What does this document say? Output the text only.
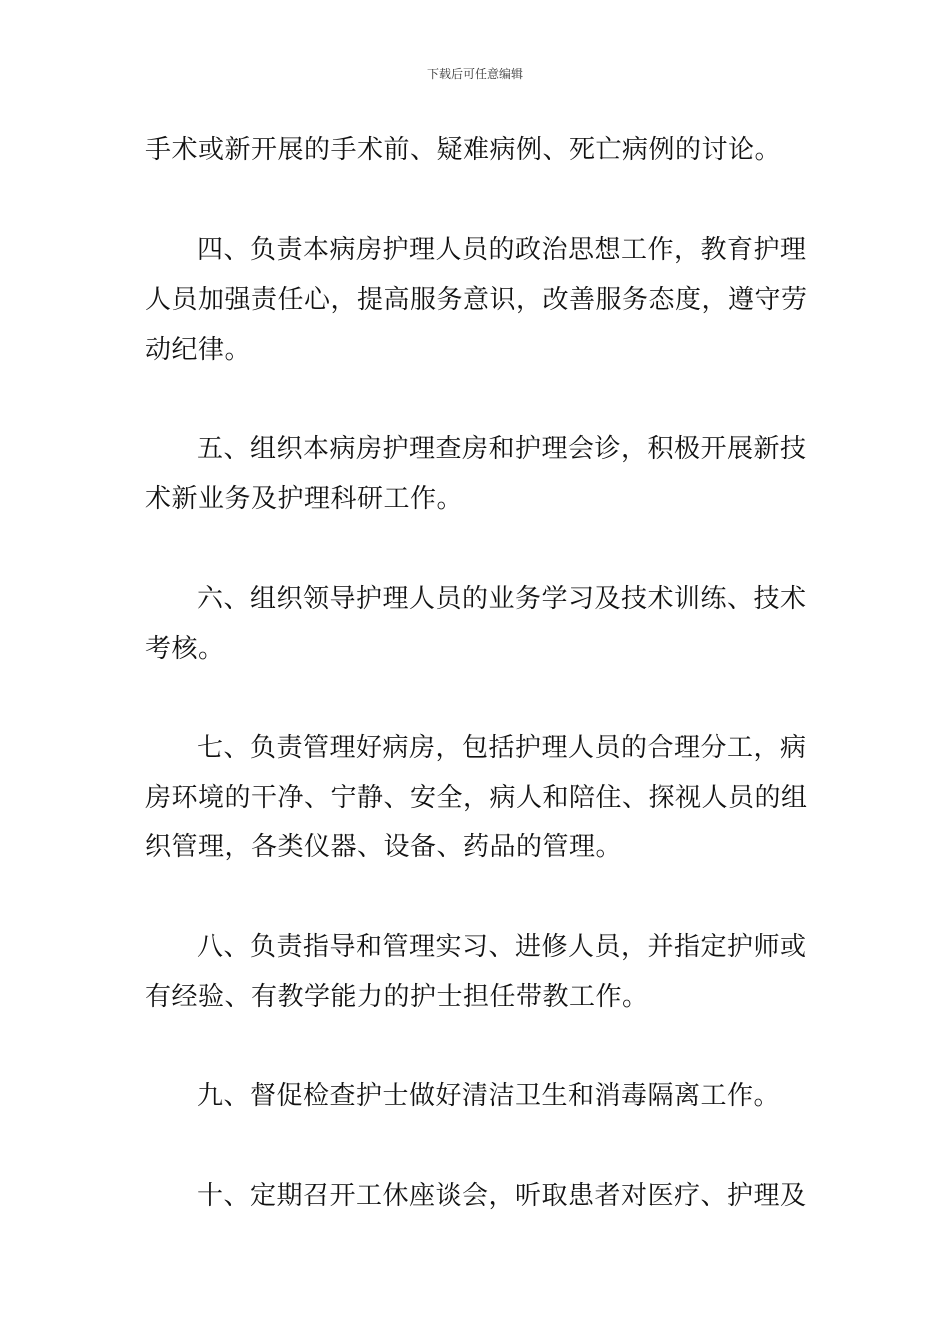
下载后可任意编辑
手术或新开展的手术前、疑难病例、死亡病例的讨论。
四、负责本病房护理人员的政治思想工作，教育护理
人员加强责任心，提高服务意识，改善服务态度，遵守劳
动纪律。
五、组织本病房护理查房和护理会诊，积极开展新技
术新业务及护理科研工作。
六、组织领导护理人员的业务学习及技术训练、技术
考核。
七、负责管理好病房，包括护理人员的合理分工，病
房环境的干净、宁静、安全，病人和陪住、探视人员的组
织管理，各类仪器、设备、药品的管理。
八、负责指导和管理实习、进修人员，并指定护师或
有经验、有教学能力的护士担任带教工作。
九、督促检查护士做好清洁卫生和消毒隔离工作。
十、定期召开工休座谈会，听取患者对医疗、护理及
